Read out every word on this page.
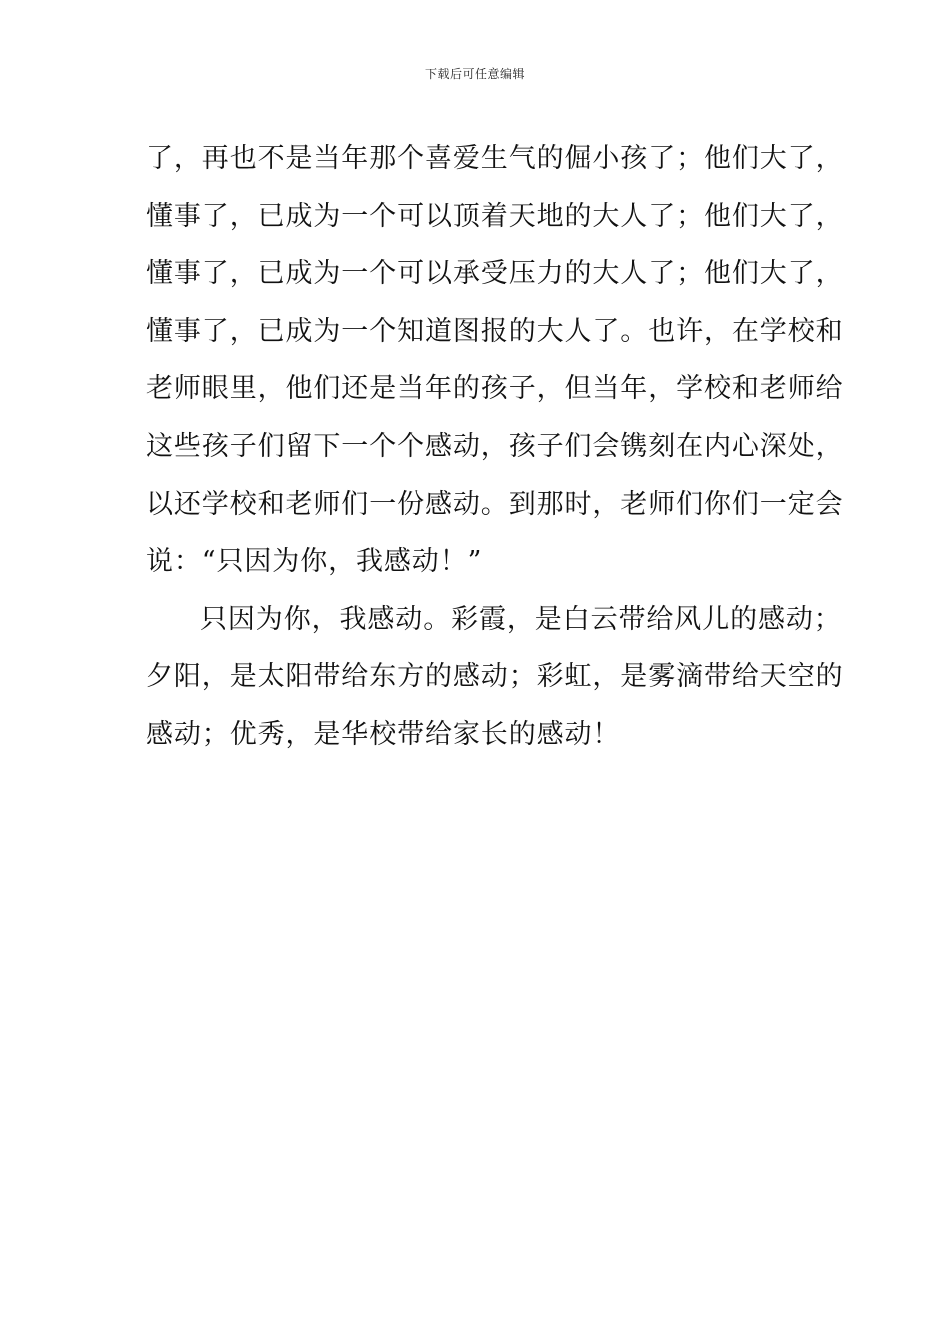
下载后可任意编辑
了，再也不是当年那个喜爱生气的倔小孩了；他们大了，
懂事了，已成为一个可以顶着天地的大人了；他们大了，
懂事了，已成为一个可以承受压力的大人了；他们大了，
懂事了，已成为一个知道图报的大人了。也许，在学校和
老师眼里，他们还是当年的孩子，但当年，学校和老师给
这些孩子们留下一个个感动，孩子们会镌刻在内心深处，
以还学校和老师们一份感动。到那时，老师们你们一定会
说：“只因为你，我感动！”
只因为你，我感动。彩霞，是白云带给风儿的感动；
夕阳，是太阳带给东方的感动；彩虹，是雾滴带给天空的
感动；优秀，是华校带给家长的感动！
